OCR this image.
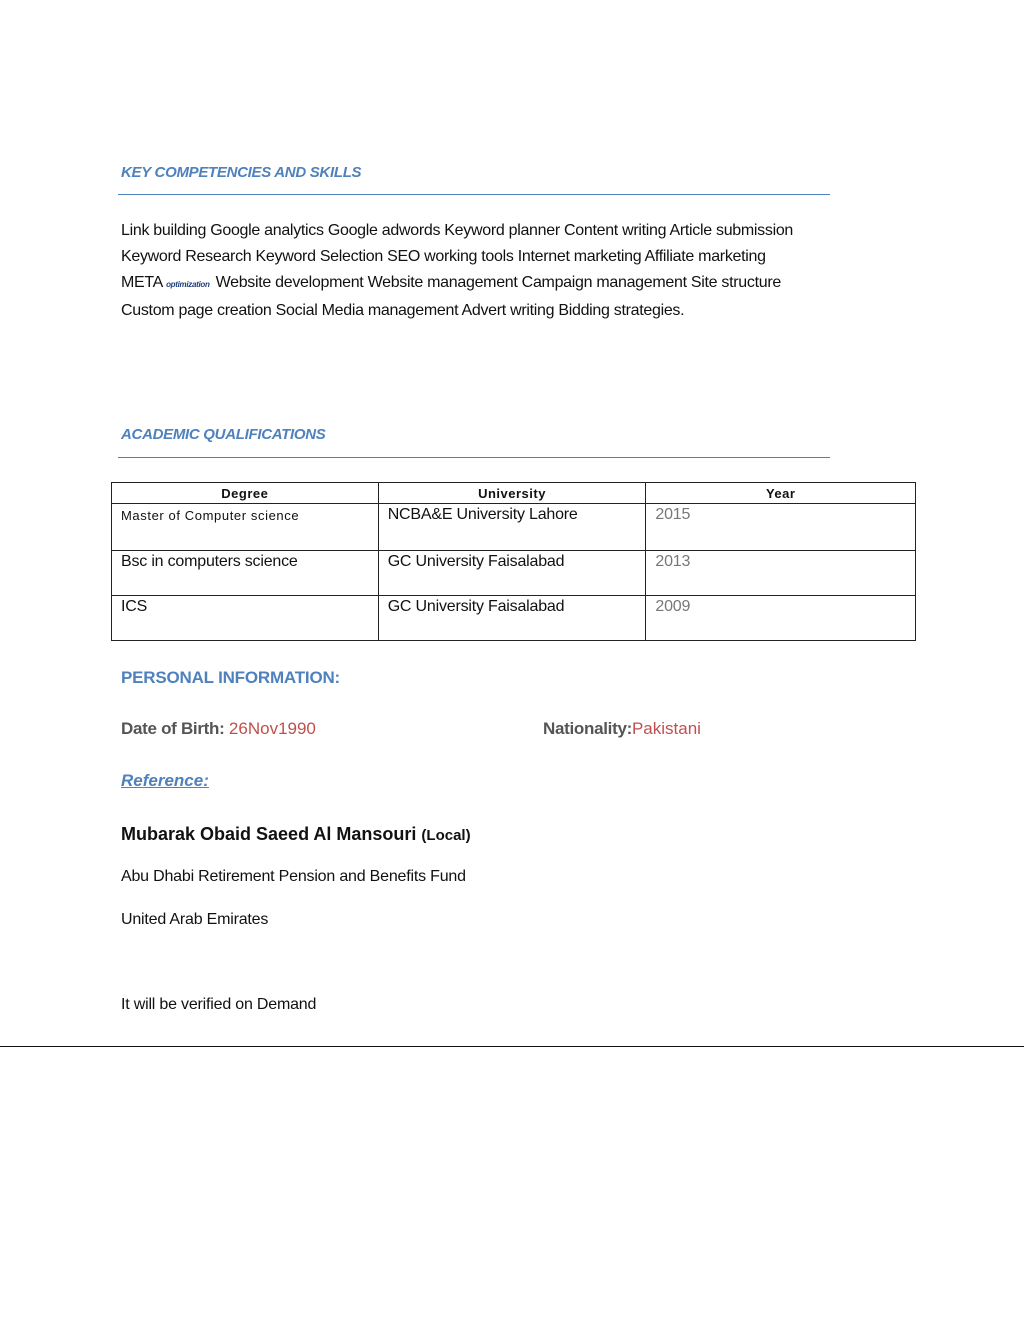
KEY COMPETENCIES AND SKILLS
Link building Google analytics Google adwords Keyword planner Content writing Article submission
Keyword Research Keyword Selection SEO working tools Internet marketing Affiliate marketing
META optimization Website development Website management Campaign management Site structure
Custom page creation Social Media management Advert writing Bidding strategies.
ACADEMIC QUALIFICATIONS
Degree	University	Year
Master of Computer science	NCBA&E University Lahore	2015
Bsc in computers science	GC University Faisalabad	2013
ICS	GC University Faisalabad	2009
PERSONAL INFORMATION:
Date of Birth: 26Nov1990	Nationality:Pakistani
Reference:
Mubarak Obaid Saeed Al Mansouri (Local)
Abu Dhabi Retirement Pension and Benefits Fund
United Arab Emirates
It will be verified on Demand
